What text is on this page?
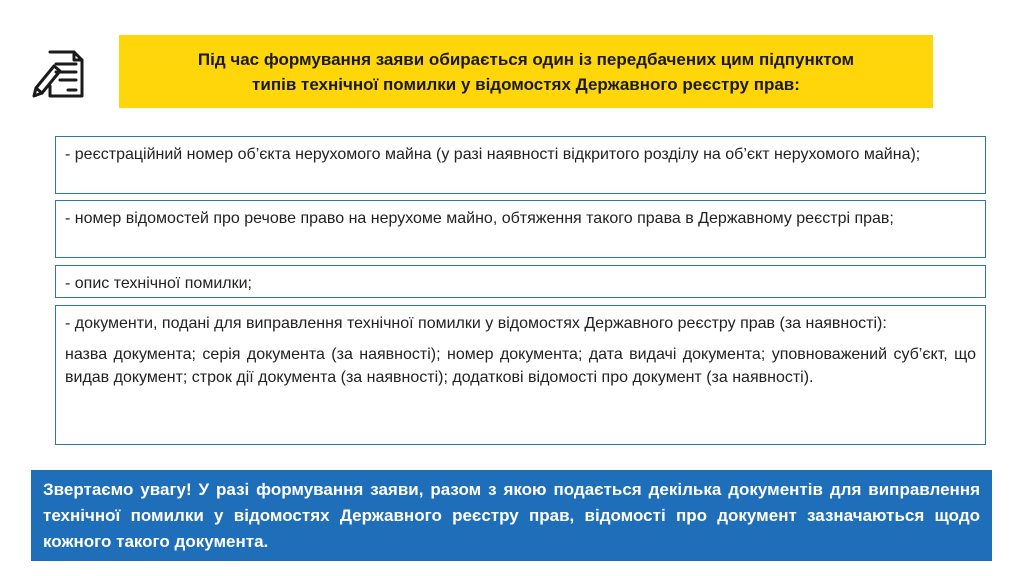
Під час формування заяви обирається один із передбачених цим підпунктом
типів технічної помилки у відомостях Державного реєстру прав:

- реєстраційний номер об’єкта нерухомого майна (у разі наявності відкритого розділу на об’єкт нерухомого майна);

- номер відомостей про речове право на нерухоме майно, обтяження такого права в Державному реєстрі прав;

- опис технічної помилки;

- документи, подані для виправлення технічної помилки у відомостях Державного реєстру прав (за наявності):

назва документа; серія документа (за наявності); номер документа; дата видачі документа; уповноважений суб’єкт, що видав документ; строк дії документа (за наявності); додаткові відомості про документ (за наявності).

Звертаємо увагу! У разі формування заяви, разом з якою подається декілька документів для виправлення технічної помилки у відомостях Державного реєстру прав, відомості про документ зазначаються щодо кожного такого документа.
